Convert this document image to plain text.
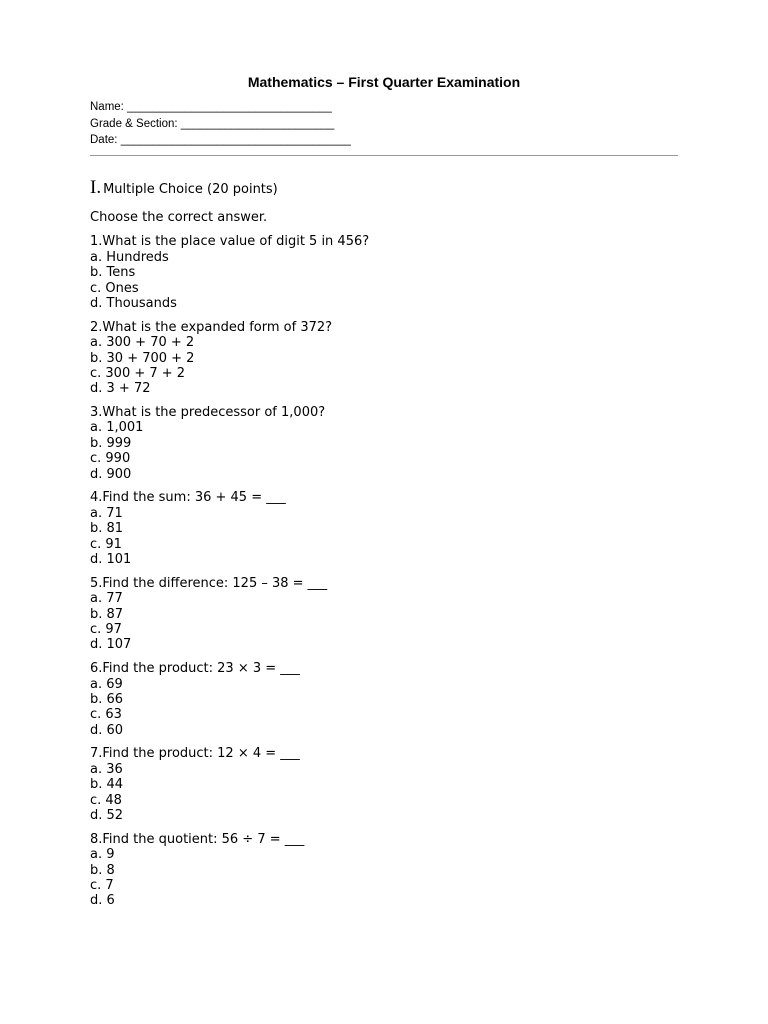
Mathematics – First Quarter Examination
Name: ________________________________
Grade & Section: ________________________
Date: ____________________________________
I. Multiple Choice (20 points)
Choose the correct answer.
1.What is the place value of digit 5 in 456?
a. Hundreds
b. Tens
c. Ones
d. Thousands
2.What is the expanded form of 372?
a. 300 + 70 + 2
b. 30 + 700 + 2
c. 300 + 7 + 2
d. 3 + 72
3.What is the predecessor of 1,000?
a. 1,001
b. 999
c. 990
d. 900
4.Find the sum: 36 + 45 = ___
a. 71
b. 81
c. 91
d. 101
5.Find the difference: 125 – 38 = ___
a. 77
b. 87
c. 97
d. 107
6.Find the product: 23 × 3 = ___
a. 69
b. 66
c. 63
d. 60
7.Find the product: 12 × 4 = ___
a. 36
b. 44
c. 48
d. 52
8.Find the quotient: 56 ÷ 7 = ___
a. 9
b. 8
c. 7
d. 6
